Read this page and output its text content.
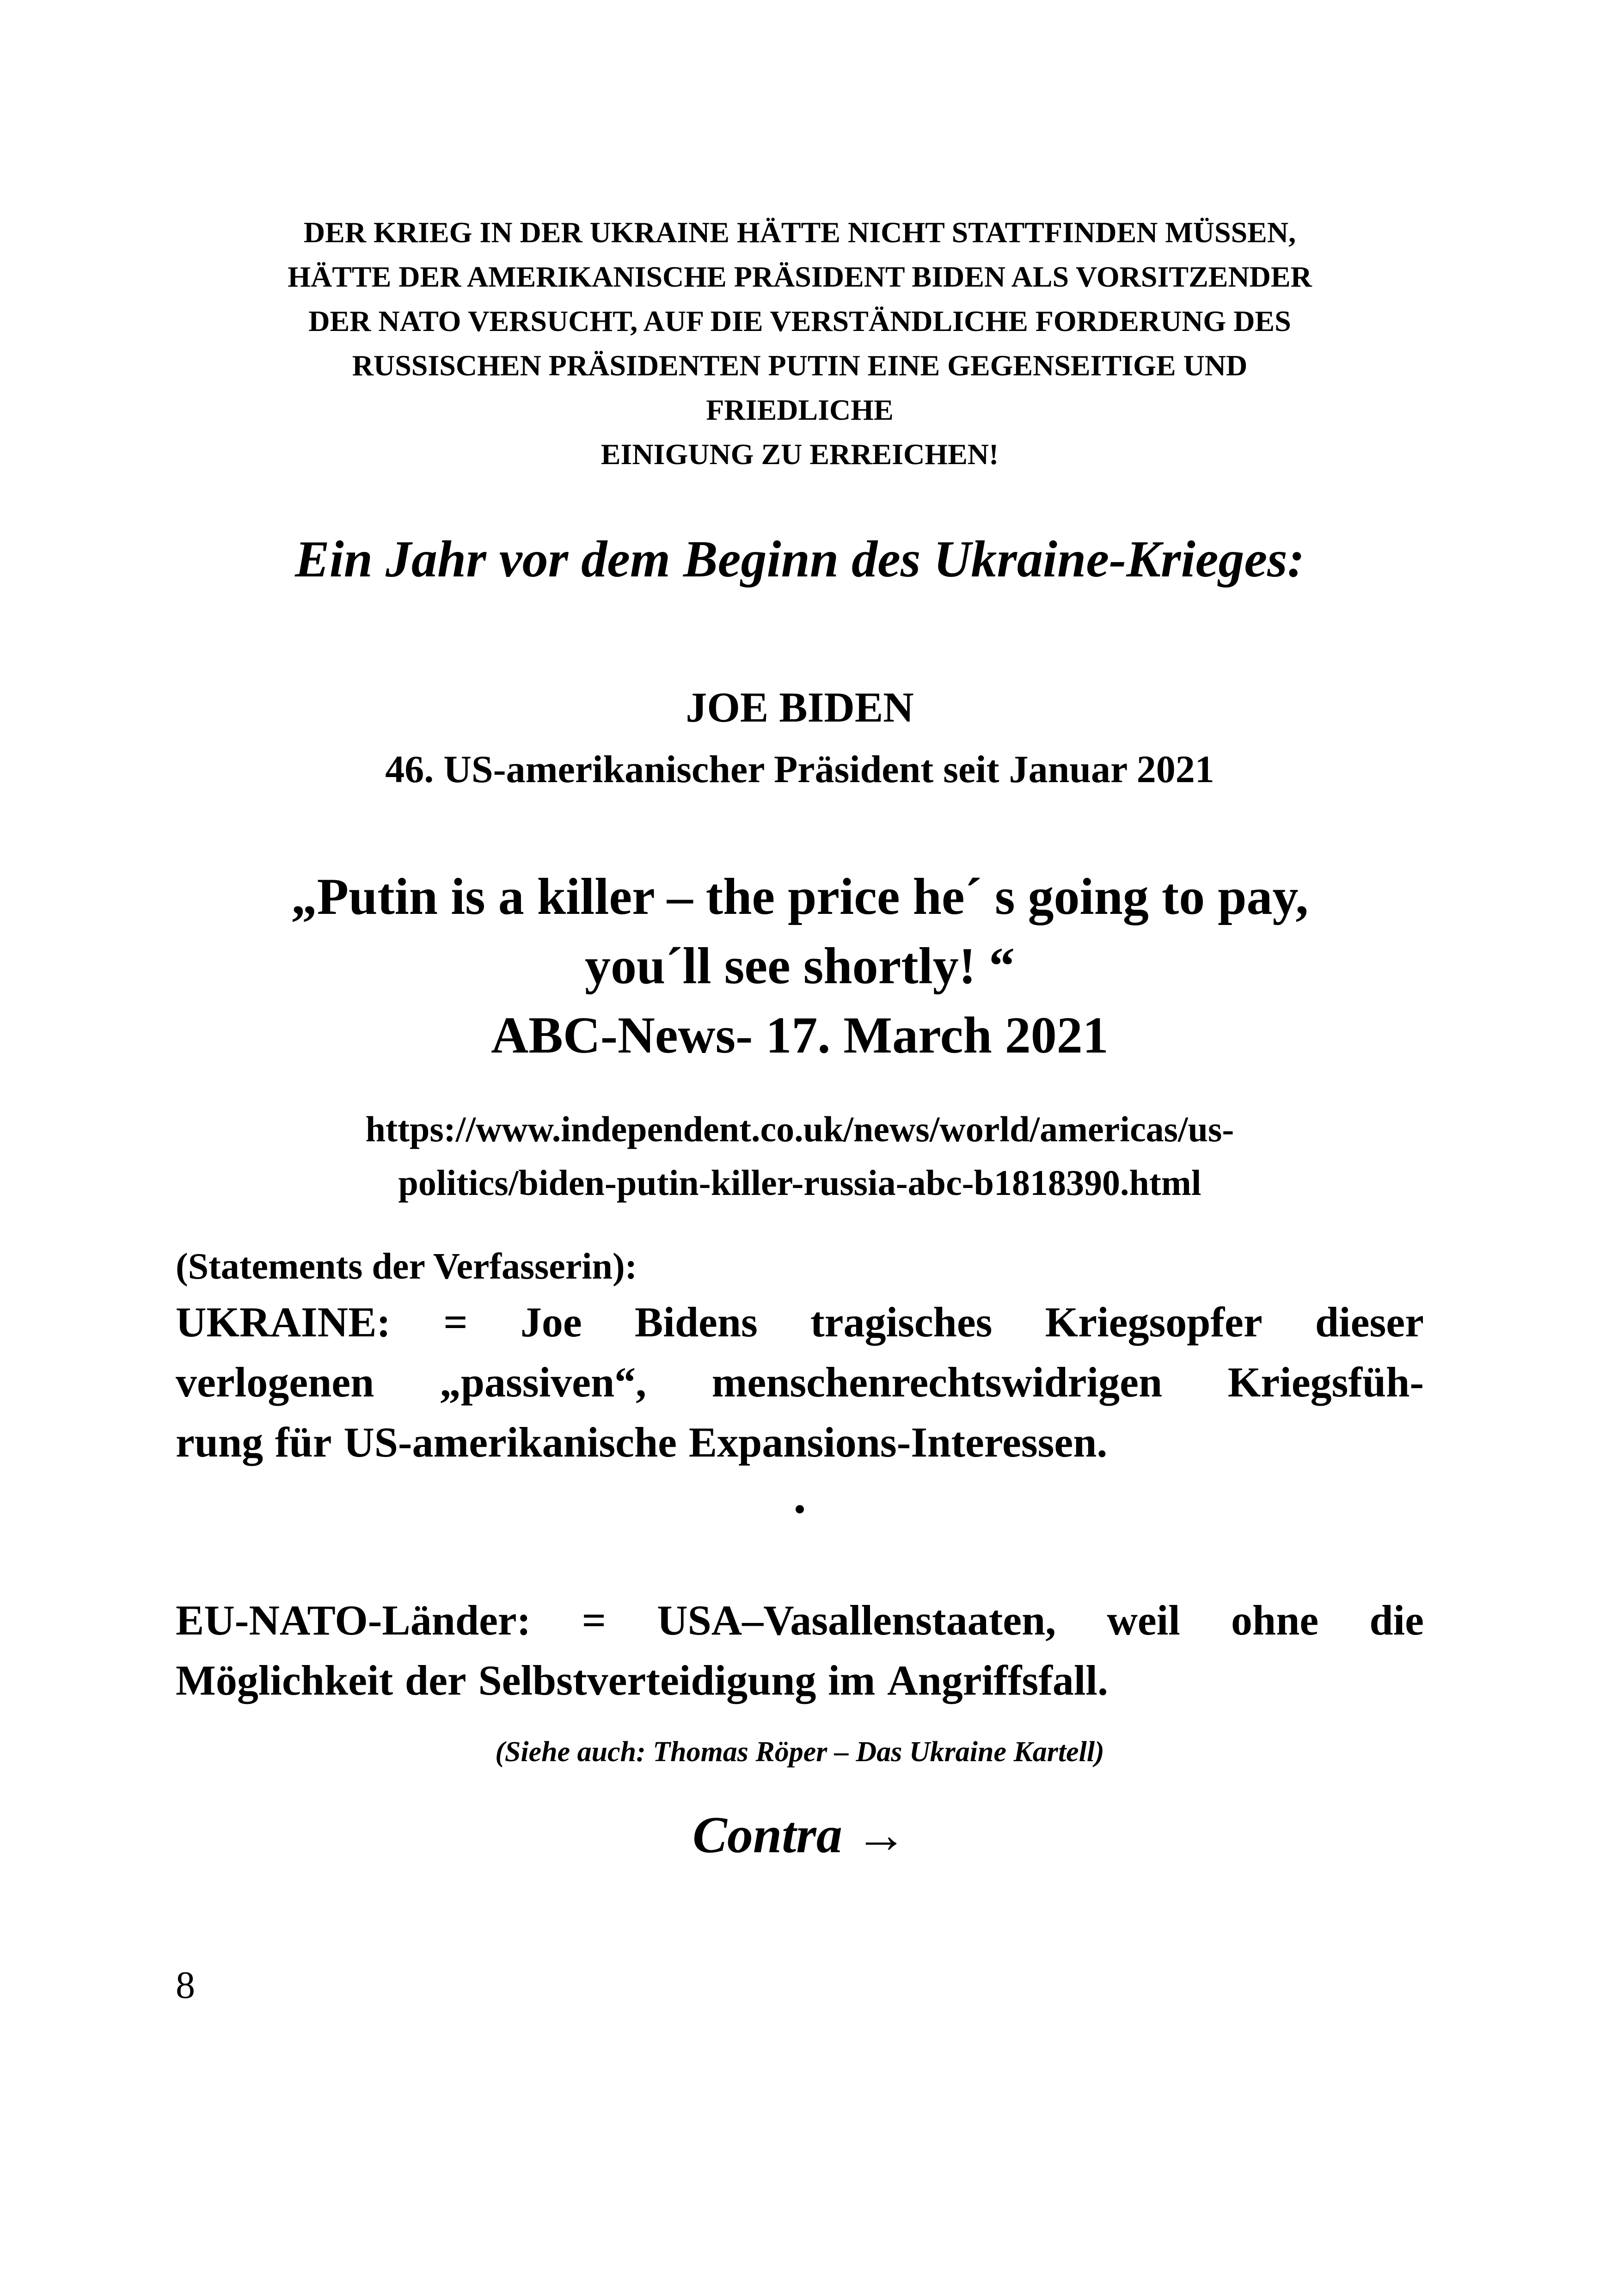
DER KRIEG IN DER UKRAINE HÄTTE NICHT STATTFINDEN MÜSSEN,
HÄTTE DER AMERIKANISCHE PRÄSIDENT BIDEN ALS VORSITZENDER
DER NATO VERSUCHT, AUF DIE VERSTÄNDLICHE FORDERUNG DES
RUSSISCHEN PRÄSIDENTEN PUTIN EINE GEGENSEITIGE UND
FRIEDLICHE
EINIGUNG ZU ERREICHEN!
Ein Jahr vor dem Beginn des Ukraine-Krieges:
JOE BIDEN
46. US-amerikanischer Präsident seit Januar 2021
„Putin is a killer – the price he´ s going to pay,
you´ll see shortly! “
ABC-News- 17. March 2021
https://www.independent.co.uk/news/world/americas/us-
politics/biden-putin-killer-russia-abc-b1818390.html
(Statements der Verfasserin):
UKRAINE: = Joe Bidens tragisches Kriegsopfer dieser
verlogenen „passiven“, menschenrechtswidrigen Kriegsfüh-
rung für US-amerikanische Expansions-Interessen.
EU-NATO-Länder: = USA–Vasallenstaaten, weil ohne die
Möglichkeit der Selbstverteidigung im Angriffsfall.
(Siehe auch: Thomas Röper – Das Ukraine Kartell)
Contra →
8
